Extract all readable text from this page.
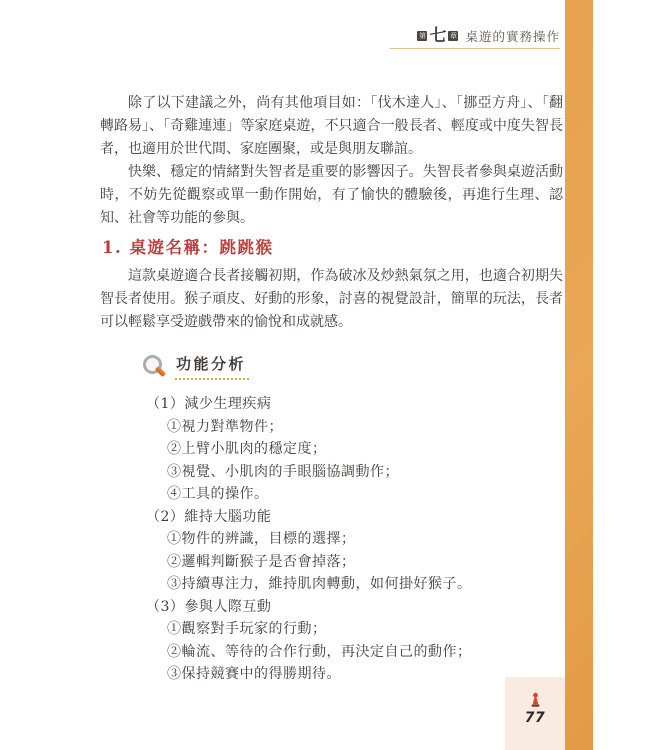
第 七 章 桌遊的實務操作

除了以下建議之外，尚有其他項目如：「伐木達人」、「挪亞方舟」、「翻轉路易」、「奇雞連連」等家庭桌遊，不只適合一般長者、輕度或中度失智長者，也適用於世代間、家庭團聚，或是與朋友聯誼。

快樂、穩定的情緒對失智者是重要的影響因子。失智長者參與桌遊活動時，不妨先從觀察或單一動作開始，有了愉快的體驗後，再進行生理、認知、社會等功能的參與。

1. 桌遊名稱：跳跳猴

這款桌遊適合長者接觸初期，作為破冰及炒熱氣氛之用，也適合初期失智長者使用。猴子頑皮、好動的形象，討喜的視覺設計，簡單的玩法，長者可以輕鬆享受遊戲帶來的愉悅和成就感。

功能分析
（1）減少生理疾病
①視力對準物件；
②上臂小肌肉的穩定度；
③視覺、小肌肉的手眼腦協調動作；
④工具的操作。
（2）維持大腦功能
①物件的辨識，目標的選擇；
②邏輯判斷猴子是否會掉落；
③持續專注力，維持肌肉轉動，如何掛好猴子。
（3）參與人際互動
①觀察對手玩家的行動；
②輪流、等待的合作行動，再決定自己的動作；
③保持競賽中的得勝期待。
77
